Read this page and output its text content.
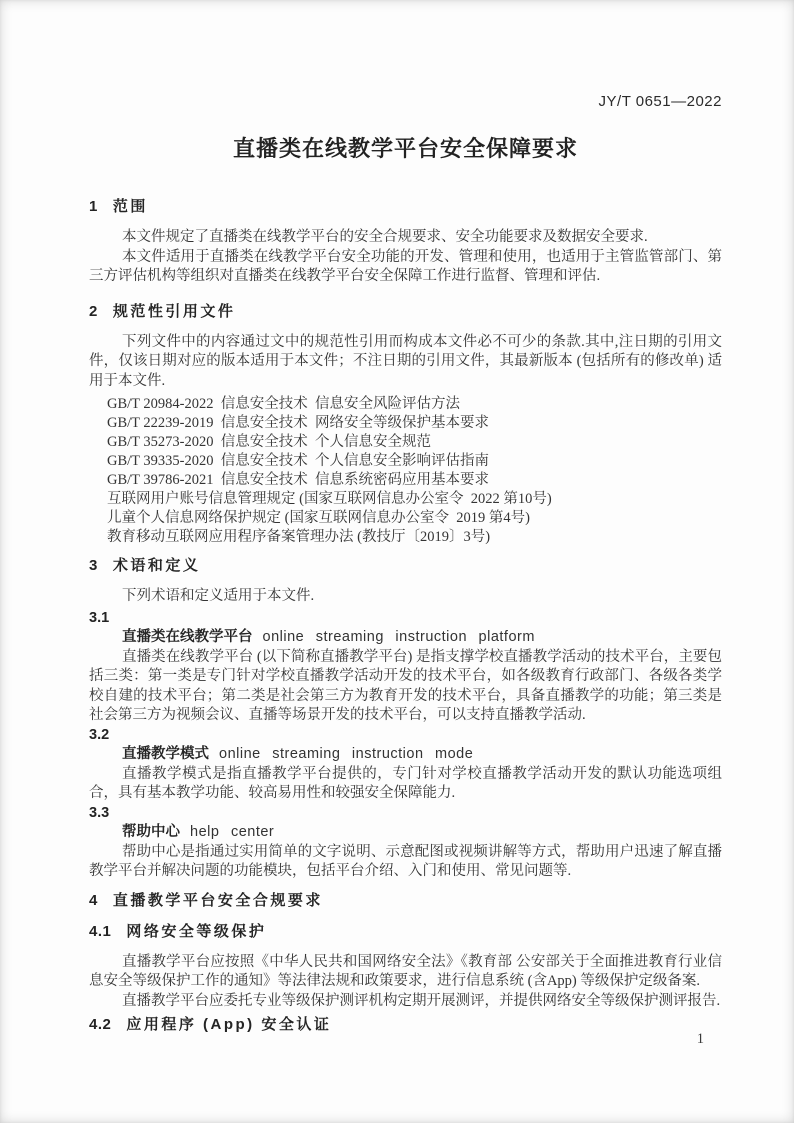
JY/T 0651—2022
直播类在线教学平台安全保障要求
1 范围

本文件规定了直播类在线教学平台的安全合规要求、安全功能要求及数据安全要求.

本文件适用于直播类在线教学平台安全功能的开发、管理和使用，也适用于主管监管部门、第三方评估机构等组织对直播类在线教学平台安全保障工作进行监督、管理和评估.

2 规范性引用文件

下列文件中的内容通过文中的规范性引用而构成本文件必不可少的条款.其中,注日期的引用文件，仅该日期对应的版本适用于本文件；不注日期的引用文件，其最新版本 (包括所有的修改单) 适用于本文件.

GB/T 20984-2022  信息安全技术  信息安全风险评估方法

GB/T 22239-2019  信息安全技术  网络安全等级保护基本要求

GB/T 35273-2020  信息安全技术  个人信息安全规范

GB/T 39335-2020  信息安全技术  个人信息安全影响评估指南

GB/T 39786-2021  信息安全技术  信息系统密码应用基本要求

互联网用户账号信息管理规定 (国家互联网信息办公室令  2022 第10号)

儿童个人信息网络保护规定 (国家互联网信息办公室令  2019 第4号)

教育移动互联网应用程序备案管理办法 (教技厅〔2019〕3号)

3 术语和定义

下列术语和定义适用于本文件.

3.1

直播类在线教学平台 online streaming instruction platform

直播类在线教学平台 (以下简称直播教学平台) 是指支撑学校直播教学活动的技术平台，主要包括三类：第一类是专门针对学校直播教学活动开发的技术平台，如各级教育行政部门、各级各类学校自建的技术平台；第二类是社会第三方为教育开发的技术平台，具备直播教学的功能；第三类是社会第三方为视频会议、直播等场景开发的技术平台，可以支持直播教学活动.

3.2

直播教学模式 online streaming instruction mode

直播教学模式是指直播教学平台提供的，专门针对学校直播教学活动开发的默认功能选项组合，具有基本教学功能、较高易用性和较强安全保障能力.

3.3

帮助中心 help center

帮助中心是指通过实用简单的文字说明、示意配图或视频讲解等方式，帮助用户迅速了解直播教学平台并解决问题的功能模块，包括平台介绍、入门和使用、常见问题等.

4 直播教学平台安全合规要求
4.1 网络安全等级保护

直播教学平台应按照《中华人民共和国网络安全法》《教育部 公安部关于全面推进教育行业信息安全等级保护工作的通知》等法律法规和政策要求，进行信息系统 (含App) 等级保护定级备案.

直播教学平台应委托专业等级保护测评机构定期开展测评，并提供网络安全等级保护测评报告.

4.2 应用程序 (App) 安全认证
1
